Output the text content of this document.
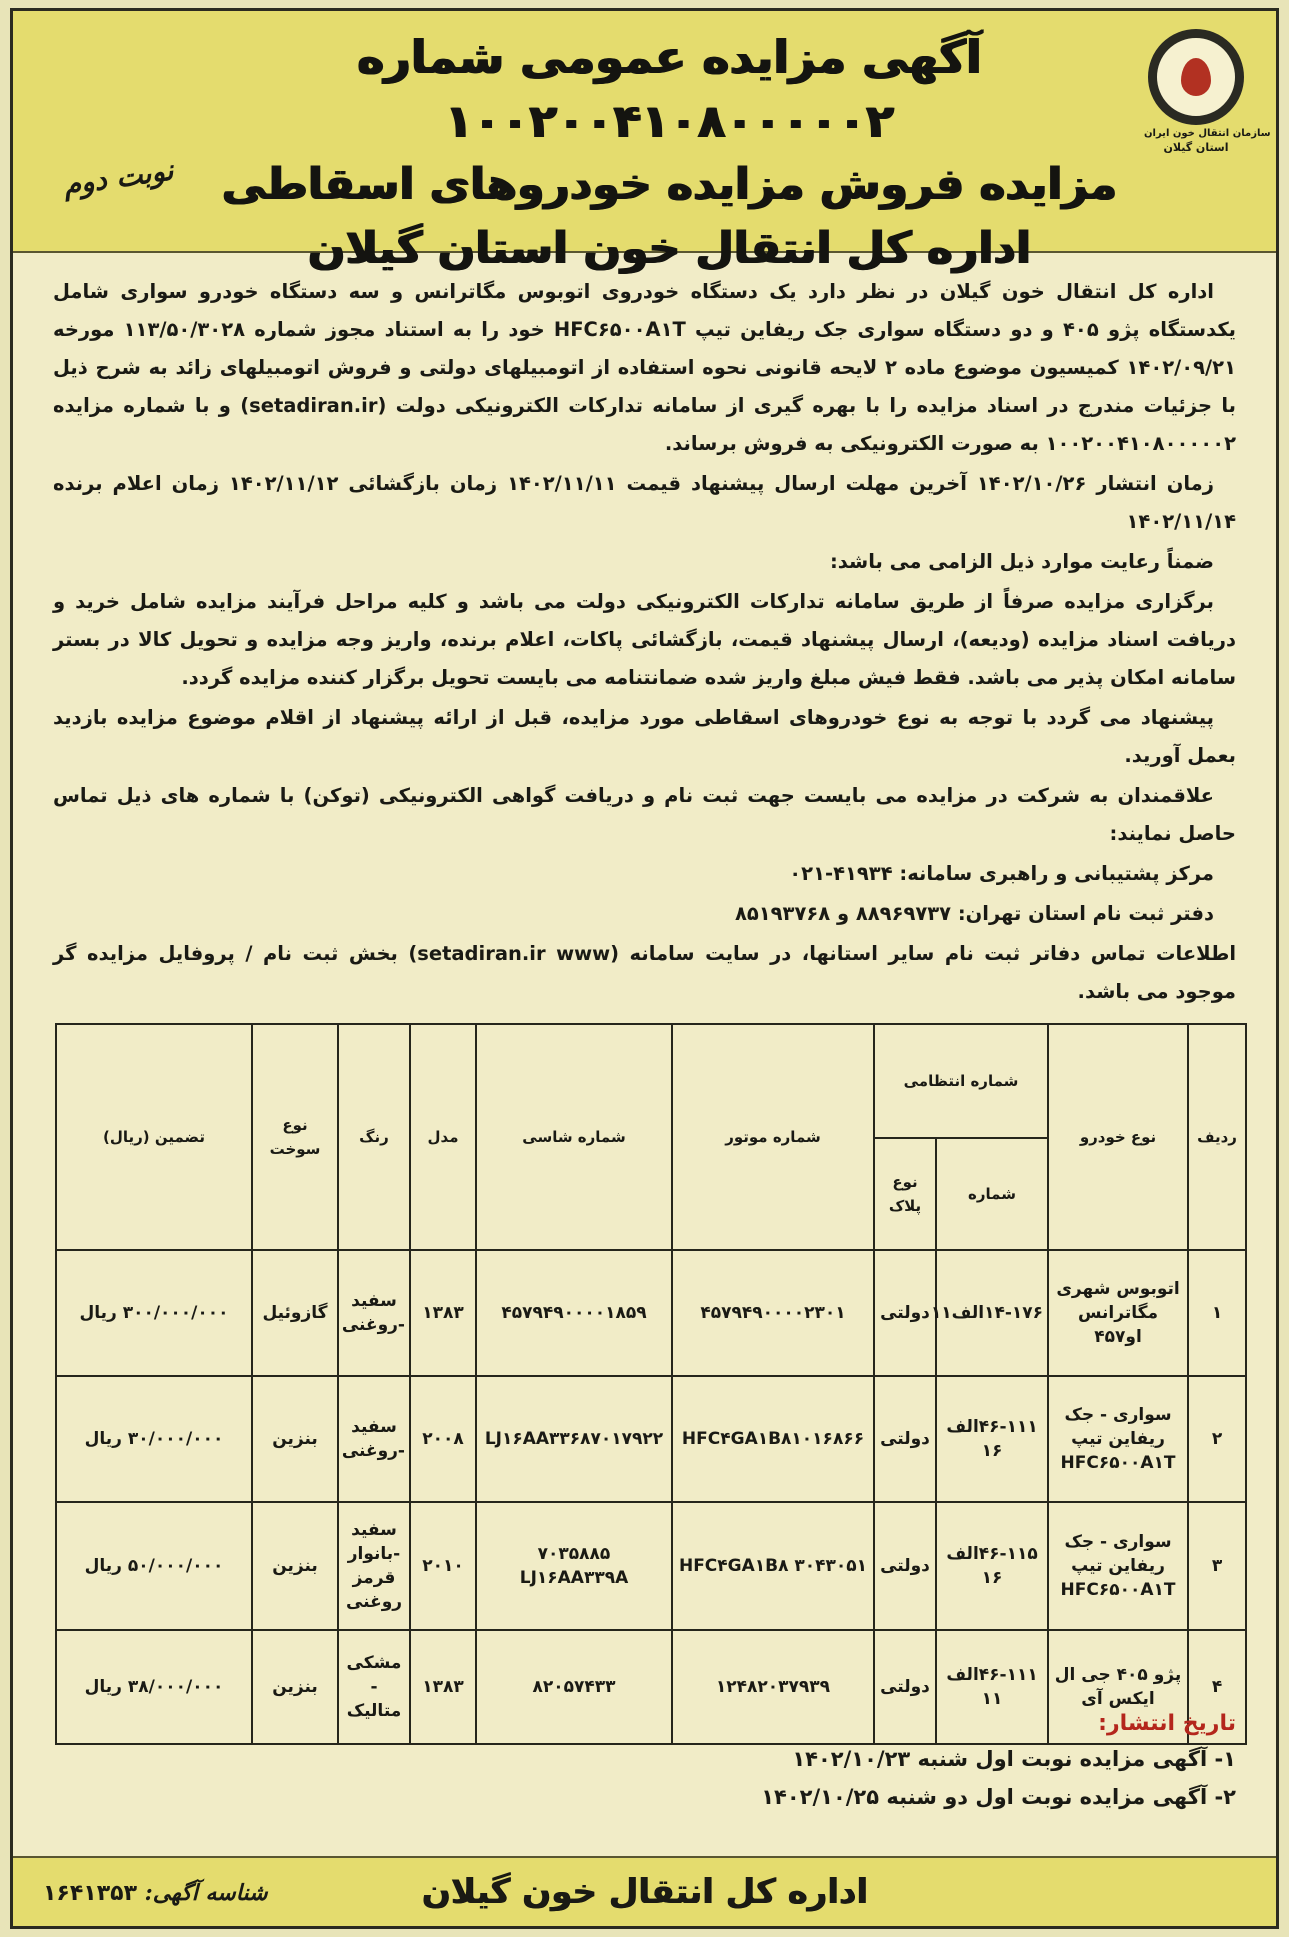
سازمان انتقال خون ایران
استان گیلان
آگهی مزایده عمومی شماره ۱۰۰۲۰۰۴۱۰۸۰۰۰۰۰۲
مزایده فروش مزایده خودروهای اسقاطی
اداره کل انتقال خون استان گیلان
نوبت دوم

اداره کل انتقال خون گیلان در نظر دارد یک دستگاه خودروی اتوبوس مگاترانس و سه دستگاه خودرو سواری شامل یکدستگاه پژو ۴۰۵ و دو دستگاه سواری جک ریفاین تیپ HFC۶۵۰۰A۱T خود را به استناد مجوز شماره ۱۱۳/۵۰/۳۰۲۸ مورخه ۱۴۰۲/۰۹/۲۱ کمیسیون موضوع ماده ۲ لایحه قانونی نحوه استفاده از اتومبیلهای دولتی و فروش اتومبیلهای زائد به شرح ذیل با جزئیات مندرج در اسناد مزایده را با بهره گیری از سامانه تدارکات الکترونیکی دولت (setadiran.ir) و با شماره مزایده ۱۰۰۲۰۰۴۱۰۸۰۰۰۰۰۲ به صورت الکترونیکی به فروش برساند.

زمان انتشار ۱۴۰۲/۱۰/۲۶ آخرین مهلت ارسال پیشنهاد قیمت ۱۴۰۲/۱۱/۱۱ زمان بازگشائی ۱۴۰۲/۱۱/۱۲ زمان اعلام برنده ۱۴۰۲/۱۱/۱۴

ضمناً رعایت موارد ذیل الزامی می باشد:

برگزاری مزایده صرفاً از طریق سامانه تدارکات الکترونیکی دولت می باشد و کلیه مراحل فرآیند مزایده شامل خرید و دریافت اسناد مزایده (ودیعه)، ارسال پیشنهاد قیمت، بازگشائی پاکات، اعلام برنده، واریز وجه مزایده و تحویل کالا در بستر سامانه امکان پذیر می باشد. فقط فیش مبلغ واریز شده ضمانتنامه می بایست تحویل برگزار کننده مزایده گردد.

پیشنهاد می گردد با توجه به نوع خودروهای اسقاطی مورد مزایده، قبل از ارائه پیشنهاد از اقلام موضوع مزایده بازدید بعمل آورید.

علاقمندان به شرکت در مزایده می بایست جهت ثبت نام و دریافت گواهی الکترونیکی (توکن) با شماره های ذیل تماس حاصل نمایند:

مرکز پشتیبانی و راهبری سامانه: ۴۱۹۳۴-۰۲۱

دفتر ثبت نام استان تهران: ۸۸۹۶۹۷۳۷ و ۸۵۱۹۳۷۶۸

اطلاعات تماس دفاتر ثبت نام سایر استانها، در سایت سامانه (setadiran.ir www) بخش ثبت نام / پروفایل مزایده گر موجود می باشد.

ردیف	نوع خودرو	شماره انتظامی		شماره موتور	شماره شاسی	مدل	رنگ	نوع سوخت	تضمین (ریال)
		شماره	نوع پلاک						
۱	اتوبوس شهری مگاترانس او۴۵۷	۱۴-۱۷۶الف۱۱	دولتی	۴۵۷۹۴۹۰۰۰۰۲۳۰۱	۴۵۷۹۴۹۰۰۰۰۱۸۵۹	۱۳۸۳	سفید -روغنی	گازوئیل	۳۰۰/۰۰۰/۰۰۰ ریال
۲	سواری - جک ریفاین تیپ HFC۶۵۰۰A۱T	۴۶-۱۱۱الف ۱۶	دولتی	HFC۴GA۱B۸۱۰۱۶۸۶۶	LJ۱۶AA۳۳۶۸۷۰۱۷۹۲۲	۲۰۰۸	سفید -روغنی	بنزین	۳۰/۰۰۰/۰۰۰ ریال
۳	سواری - جک ریفاین تیپ HFC۶۵۰۰A۱T	۴۶-۱۱۵الف ۱۶	دولتی	HFC۴GA۱B۸ ۳۰۴۳۰۵۱	۷۰۳۵۸۸۵ LJ۱۶AA۳۳۹A	۲۰۱۰	سفید -بانوار قرمز روغنی	بنزین	۵۰/۰۰۰/۰۰۰ ریال
۴	پژو ۴۰۵ جی ال ایکس آی	۴۶-۱۱۱الف ۱۱	دولتی	۱۲۴۸۲۰۳۷۹۳۹	۸۲۰۵۷۴۳۳	۱۳۸۳	مشکی - متالیک	بنزین	۳۸/۰۰۰/۰۰۰ ریال
تاریخ انتشار:
۱- آگهی مزایده نوبت اول شنبه ۱۴۰۲/۱۰/۲۳
۲- آگهی مزایده نوبت اول دو شنبه ۱۴۰۲/۱۰/۲۵
اداره کل انتقال خون گیلان
شناسه آگهی: ۱۶۴۱۳۵۳
